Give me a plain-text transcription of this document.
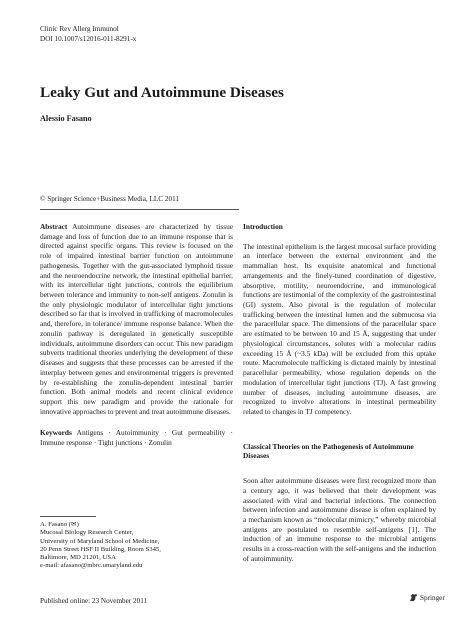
Clinic Rev Allerg Immunol
DOI 10.1007/s12016-011-8291-x
Leaky Gut and Autoimmune Diseases
Alessio Fasano
© Springer Science+Business Media, LLC 2011

Abstract Autoimmune diseases are characterized by tissue damage and loss of function due to an immune response that is directed against specific organs. This review is focused on the role of impaired intestinal barrier function on autoimmune pathogenesis. Together with the gut-associated lymphoid tissue and the neuroendocrine network, the intestinal epithelial barrier, with its intercellular tight junctions, controls the equilibrium between tolerance and immunity to non-self antigens. Zonulin is the only physiologic modulator of intercellular tight junctions described so far that is involved in trafficking of macromolecules and, therefore, in tolerance/ immune response balance. When the zonulin pathway is deregulated in genetically susceptible individuals, autoimmune disorders can occur. This new paradigm subverts traditional theories underlying the development of these diseases and suggests that these processes can be arrested if the interplay between genes and environmental triggers is prevented by re-establishing the zonulin-dependent intestinal barrier function. Both animal models and recent clinical evidence support this new paradigm and provide the rationale for innovative approaches to prevent and treat autoimmune diseases.

Keywords Antigens · Autoimmunity · Gut permeability · Immune response · Tight junctions · Zonulin

A. Fasano (✉)
Mucosal Biology Research Center,
University of Maryland School of Medicine,
20 Penn Street HSF II Building, Room S345,
Baltimore, MD 21201, USA
e-mail: afasano@mbrc.umaryland.edu
Published online: 23 November 2011

Introduction

The intestinal epithelium is the largest mucosal surface providing an interface between the external environment and the mammalian host. Its exquisite anatomical and functional arrangements and the finely-tuned coordination of digestive, absorptive, motility, neuroendocrine, and immunological functions are testimonial of the complexity of the gastrointestinal (GI) system. Also pivotal is the regulation of molecular trafficking between the intestinal lumen and the submucosa via the paracellular space. The dimensions of the paracellular space are estimated to be between 10 and 15 Å, suggesting that under physiological circumstances, solutes with a molecular radius exceeding 15 Å (~3.5 kDa) will be excluded from this uptake route. Macromolecule trafficking is dictated mainly by intestinal paracellular permeability, whose regulation depends on the modulation of intercellular tight junctions (TJ). A fast growing number of diseases, including autoimmune diseases, are recognized to involve alterations in intestinal permeability related to changes in TJ competency.

Classical Theories on the Pathogenesis of Autoimmune Diseases

Soon after autoimmune diseases were first recognized more than a century ago, it was believed that their development was associated with viral and bacterial infections. The connection between infection and autoimmune disease is often explained by a mechanism known as “molecular mimicry,” whereby microbial antigens are postulated to resemble self-antigens [1]. The induction of an immune response to the microbial antigens results in a cross-reaction with the self-antigens and the induction of autoimmunity.

Springer
